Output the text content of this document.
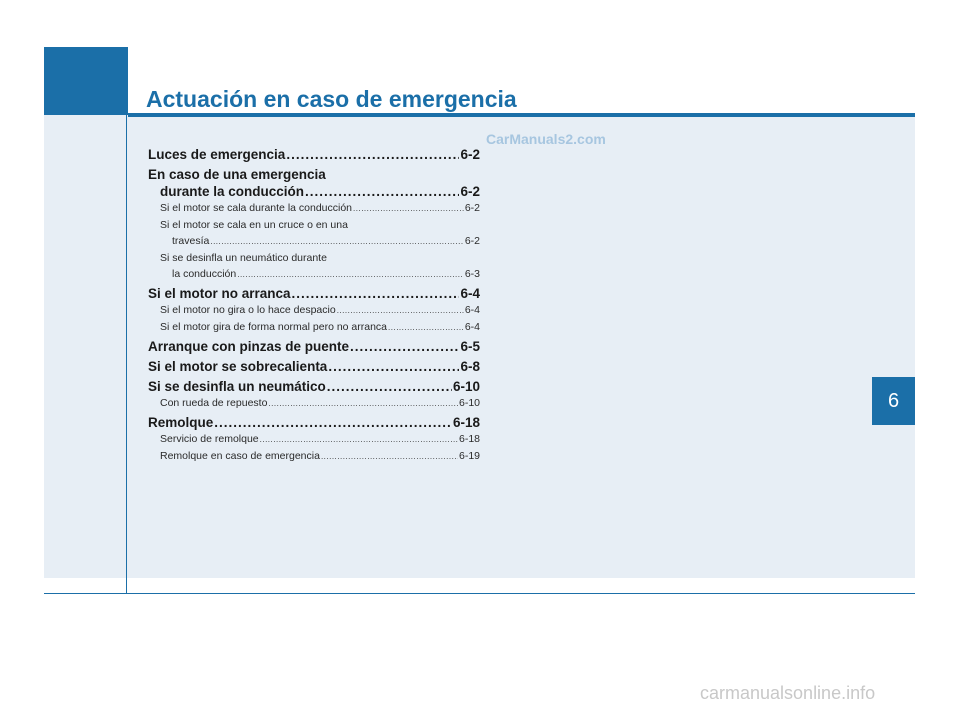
Actuación en caso de emergencia
CarManuals2.com
Luces de emergencia .....	6-2
En caso de una emergencia
durante la conducción .....	6-2
Si el motor se cala durante la conducción .....	6-2
Si el motor se cala en un cruce o en una
travesía .....	6-2
Si se desinfla un neumático durante
la conducción .....	6-3
Si el motor no arranca .....	6-4
Si el motor no gira o lo hace despacio .....	6-4
Si el motor gira de forma normal pero no arranca .....	6-4
Arranque con pinzas de puente .....	6-5
Si el motor se sobrecalienta .....	6-8
Si se desinfla un neumático .....	6-10
Con rueda de repuesto .....	6-10
Remolque .....	6-18
Servicio de remolque .....	6-18
Remolque en caso de emergencia .....	6-19
6
carmanualsonline.info
